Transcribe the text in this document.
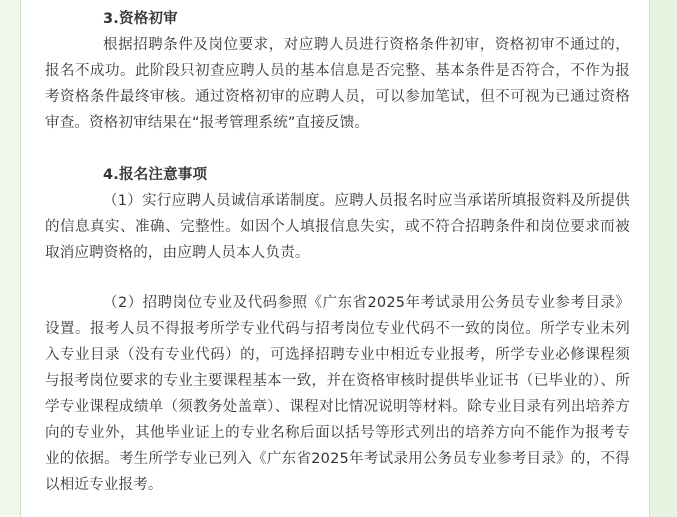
3.资格初审

根据招聘条件及岗位要求，对应聘人员进行资格条件初审，资格初审不通过的，报名不成功。此阶段只初查应聘人员的基本信息是否完整、基本条件是否符合，不作为报考资格条件最终审核。通过资格初审的应聘人员，可以参加笔试，但不可视为已通过资格审查。资格初审结果在“报考管理系统”直接反馈。

4.报名注意事项

（1）实行应聘人员诚信承诺制度。应聘人员报名时应当承诺所填报资料及所提供的信息真实、准确、完整性。如因个人填报信息失实，或不符合招聘条件和岗位要求而被取消应聘资格的，由应聘人员本人负责。

（2）招聘岗位专业及代码参照《广东省2025年考试录用公务员专业参考目录》设置。报考人员不得报考所学专业代码与招考岗位专业代码不一致的岗位。所学专业未列入专业目录（没有专业代码）的，可选择招聘专业中相近专业报考，所学专业必修课程须与报考岗位要求的专业主要课程基本一致，并在资格审核时提供毕业证书（已毕业的）、所学专业课程成绩单（须教务处盖章）、课程对比情况说明等材料。除专业目录有列出培养方向的专业外，其他毕业证上的专业名称后面以括号等形式列出的培养方向不能作为报考专业的依据。考生所学专业已列入《广东省2025年考试录用公务员专业参考目录》的，不得以相近专业报考。
